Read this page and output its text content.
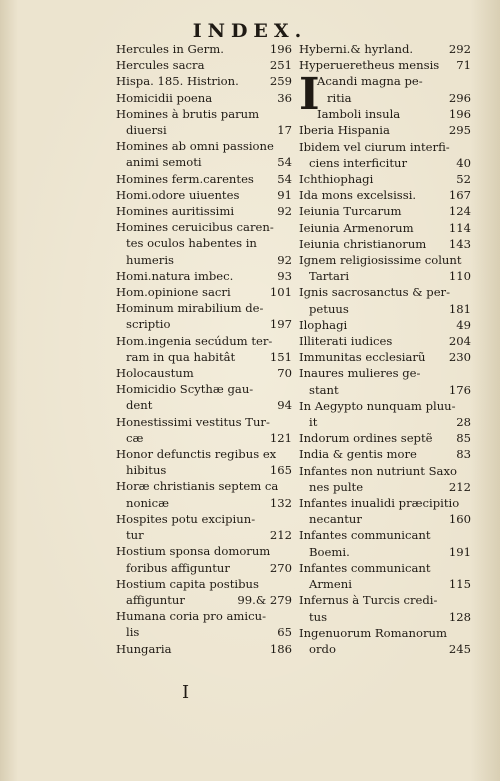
INDEX.
Hercules in Germ.	196
Hercules sacra	251
Hispa. 185. Histrion.	259
Homicidii poena	36
Homines à brutis parum
diuersi	17
Homines ab omni passione
animi semoti	54
Homines ferm.carentes	54
Homi.odore uiuentes	91
Homines auritissimi	92
Homines ceruicibus caren-
tes oculos habentes in
humeris	92
Homi.natura imbec.	93
Hom.opinione sacri	101
Hominum mirabilium de-
scriptio	197
Hom.ingenia secúdum ter-
ram in qua habitât	151
Holocaustum	70
Homicidio Scythæ gau-
dent	94
Honestissimi vestitus Tur-
cæ	121
Honor defunctis regibus ex
hibitus	165
Horæ christianis septem ca
nonicæ	132
Hospites potu excipiun-
tur	212
Hostium sponsa domorum
foribus affiguntur	270
Hostium capita postibus
affiguntur	99.& 279
Humana coria pro amicu-
lis	65
Hungaria	186
Hyberni.& hyrland.	292
Hyperueretheus mensis	71
I
Acandi magna pe-
ritia	296
Iamboli insula	196
Iberia Hispania	295
Ibidem vel ciurum interfi-
ciens interficitur	40
Ichthiophagi	52
Ida mons excelsissi.	167
Ieiunia Turcarum	124
Ieiunia Armenorum	114
Ieiunia christianorum	143
Ignem religiosissime colunt
Tartari	110
Ignis sacrosanctus & per-
petuus	181
Ilophagi	49
Illiterati iudices	204
Immunitas ecclesiarũ	230
Inaures mulieres ge-
stant	176
In Aegypto nunquam pluu-
it	28
Indorum ordines septẽ	85
India & gentis more	83
Infantes non nutriunt Saxo
nes pulte	212
Infantes inualidi præcipitio
necantur	160
Infantes communicant
Boemi.	191
Infantes communicant
Armeni	115
Infernus à Turcis credi-
tus	128
Ingenuorum Romanorum
ordo	245
I
